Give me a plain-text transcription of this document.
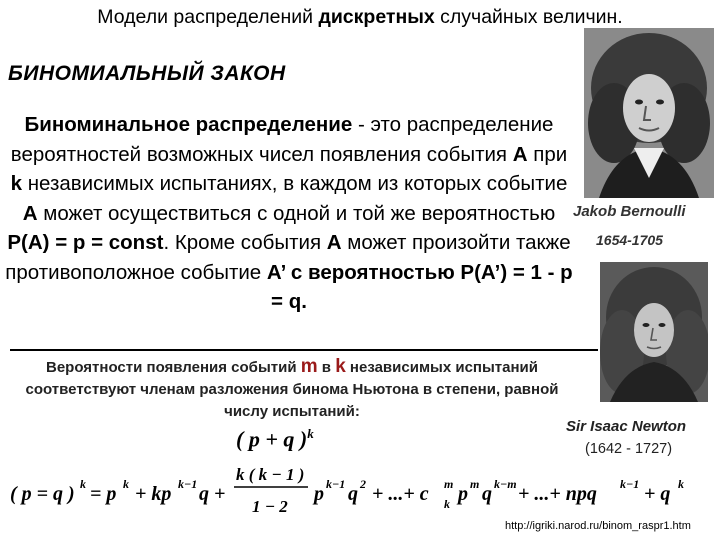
Модели распределений дискретных случайных величин.
БИНОМИАЛЬНЫЙ ЗАКОН
Биноминальное распределение - это распределение вероятностей возможных чисел появления события А при k независимых испытаниях, в каждом из которых событие А может осуществиться с одной и той же вероятностью Р(А) = р = const. Кроме события А может произойти также противоположное событие А’ с вероятностью Р(А’) = 1 - р = q.
Вероятности появления событий m в k независимых испытаний соответствуют членам разложения бинома Ньютона в степени, равной числу испытаний:
Jakob Bernoulli
1654-1705
Sir Isaac Newton
(1642 - 1727)
( p + q )$^k$
( p = q ) k = p k + kp k−1 q +
k ( k − 1 )
1 − 2
p k−1 q 2 + ...+ c m
k p m q k−m + ...+ npq k−1 + q k
http://igriki.narod.ru/binom_raspr1.htm
